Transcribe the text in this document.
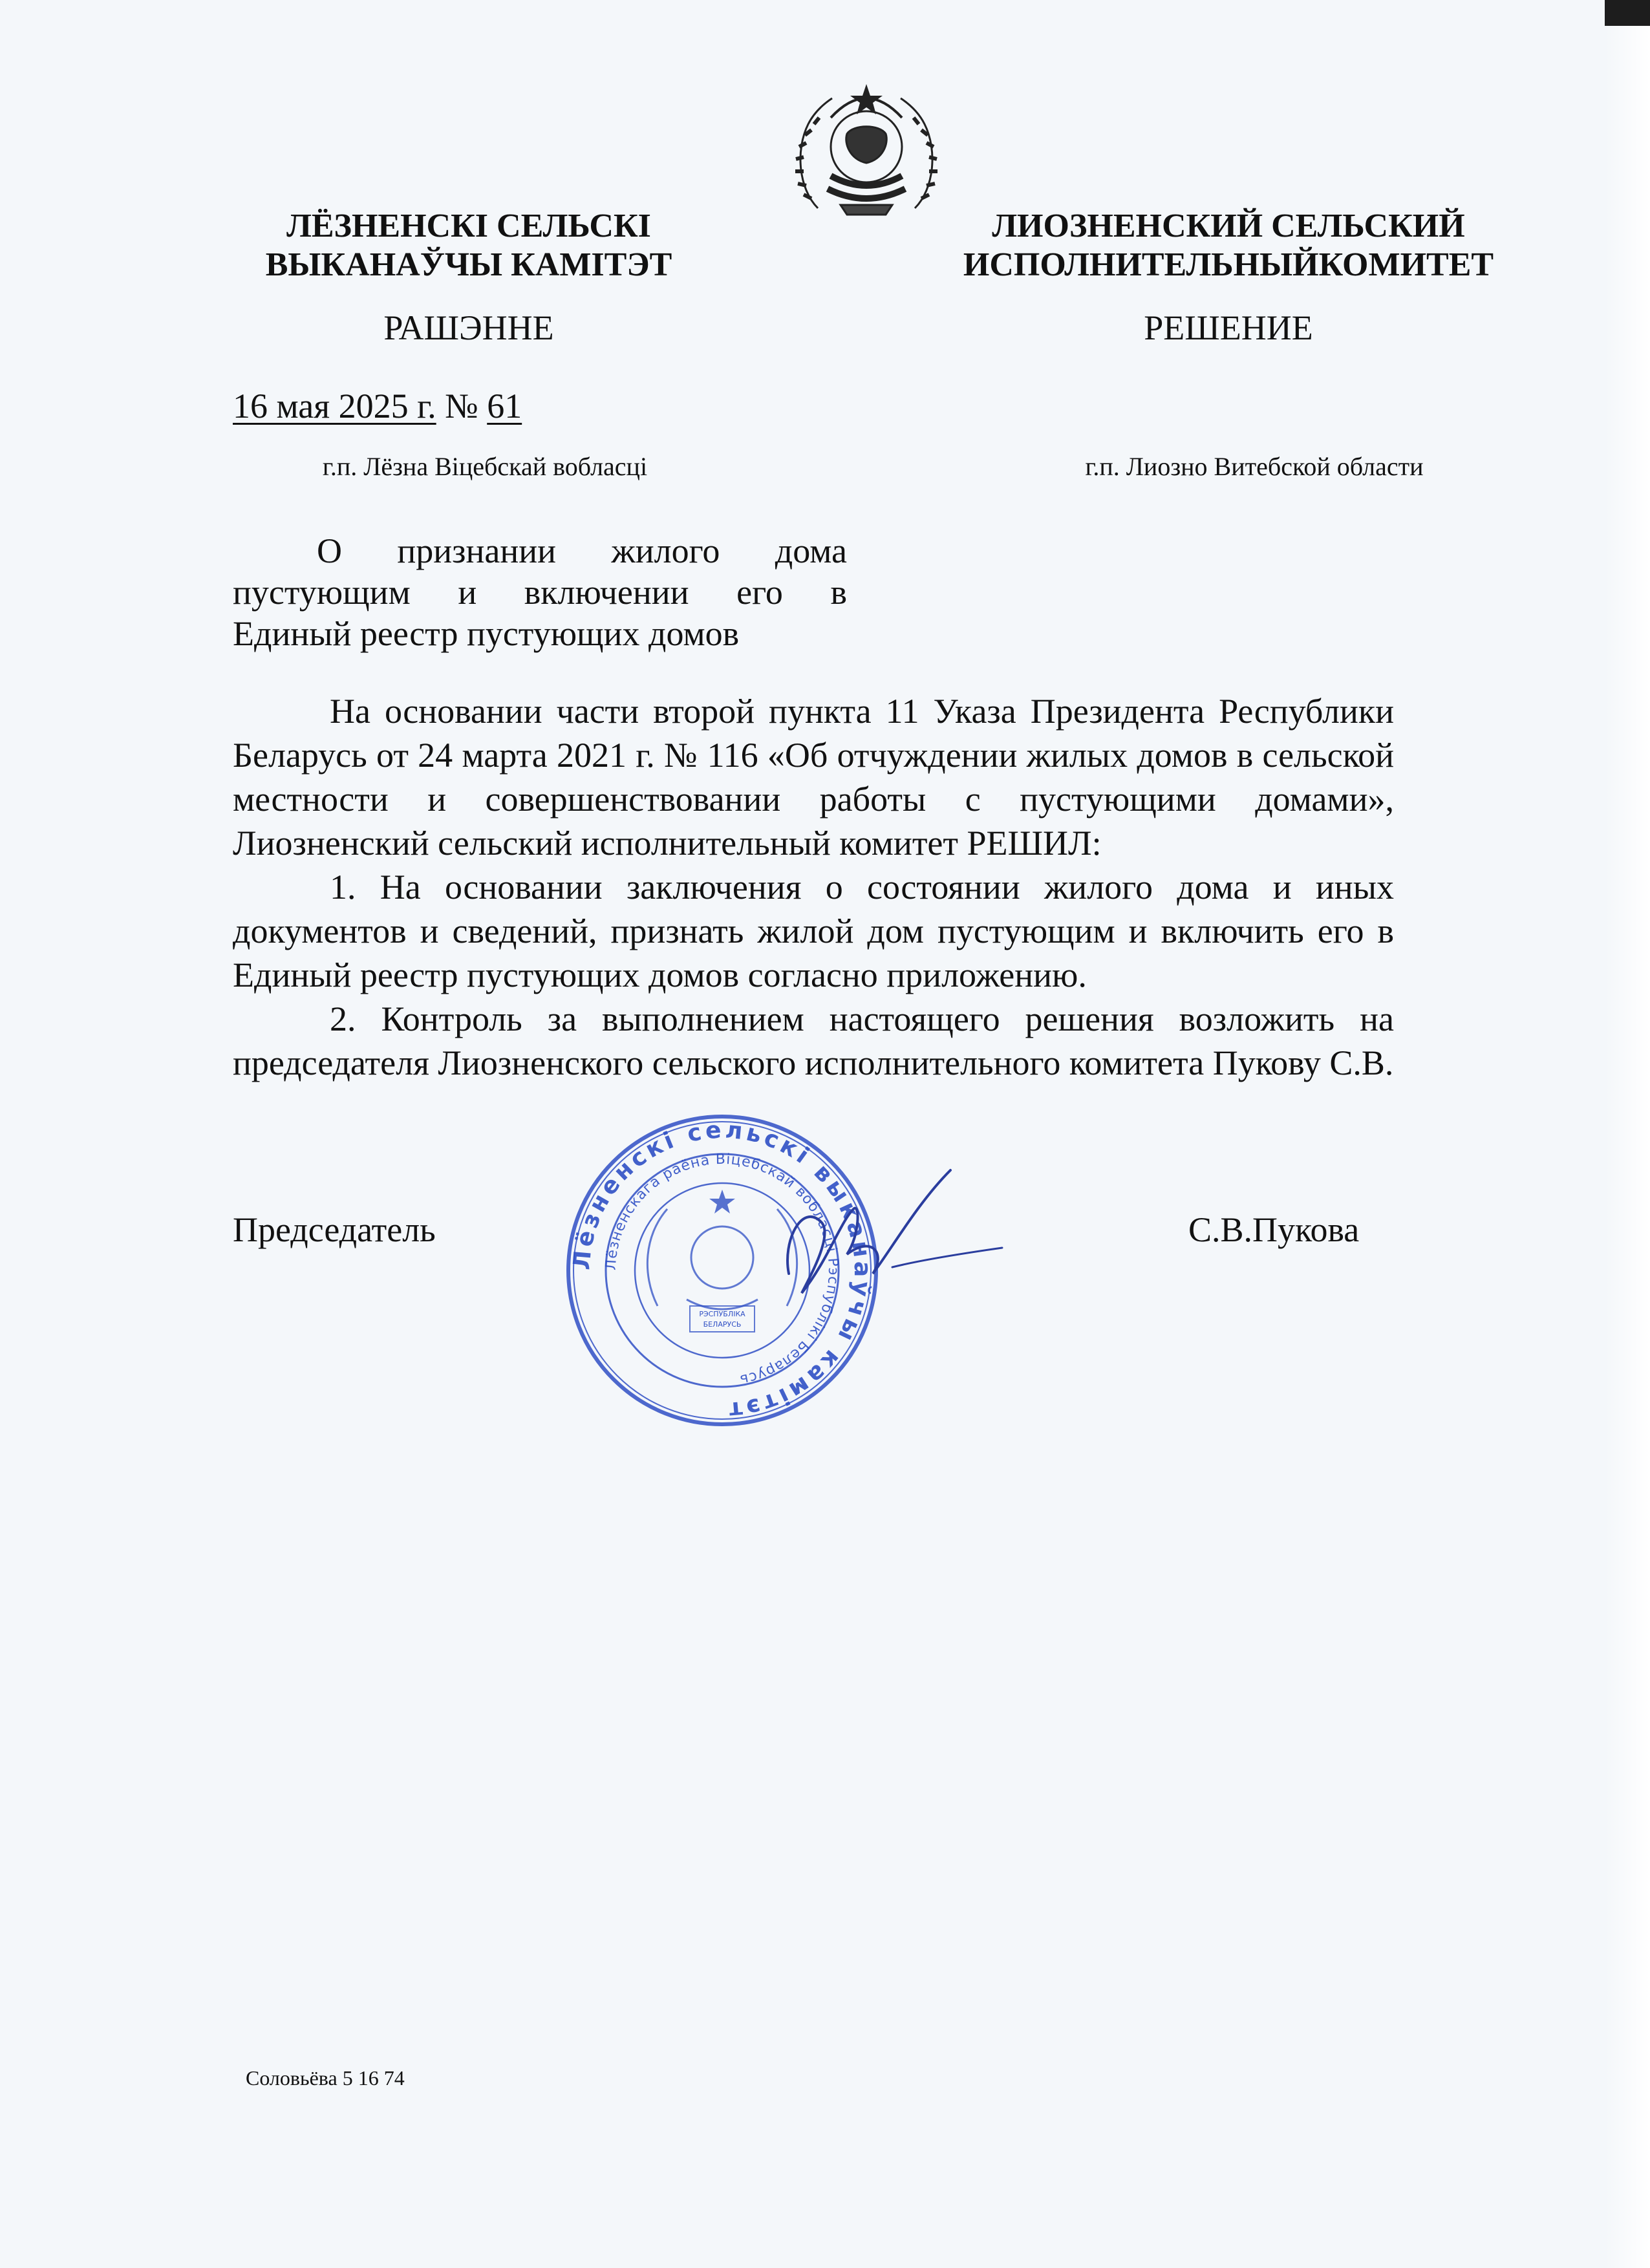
ЛЁЗНЕНСКІ СЕЛЬСКІ
ВЫКАНАЎЧЫ КАМІТЭТ
ЛИОЗНЕНСКИЙ СЕЛЬСКИЙ
ИСПОЛНИТЕЛЬНЫЙКОМИТЕТ
РАШЭННЕ	РЕШЕНИЕ
16 мая 2025 г. № 61
г.п. Лёзна Віцебскай вобласці	г.п. Лиозно Витебской области
О признании жилого дома
пустующим и включении его в
Единый реестр пустующих домов

На основании части второй пункта 11 Указа Президента Республики Беларусь от 24 марта 2021 г. № 116 «Об отчуждении жилых домов в сельской местности и совершенствовании работы с пустующими домами», Лиозненский сельский исполнительный комитет РЕШИЛ:

1. На основании заключения о состоянии жилого дома и иных документов и сведений, признать жилой дом пустующим и включить его в Единый реестр пустующих домов согласно приложению.

2. Контроль за выполнением настоящего решения возложить на председателя Лиозненского сельского исполнительного комитета Пукову С.В.

Председатель	С.В.Пукова
Лёзненскі сельскі выканаўчы камітэт
Лёзненскага раёна Віцебскай вобласці Рэспублікі Беларусь
РЭСПУБЛІКА
БЕЛАРУСЬ
Соловьёва 5 16 74
